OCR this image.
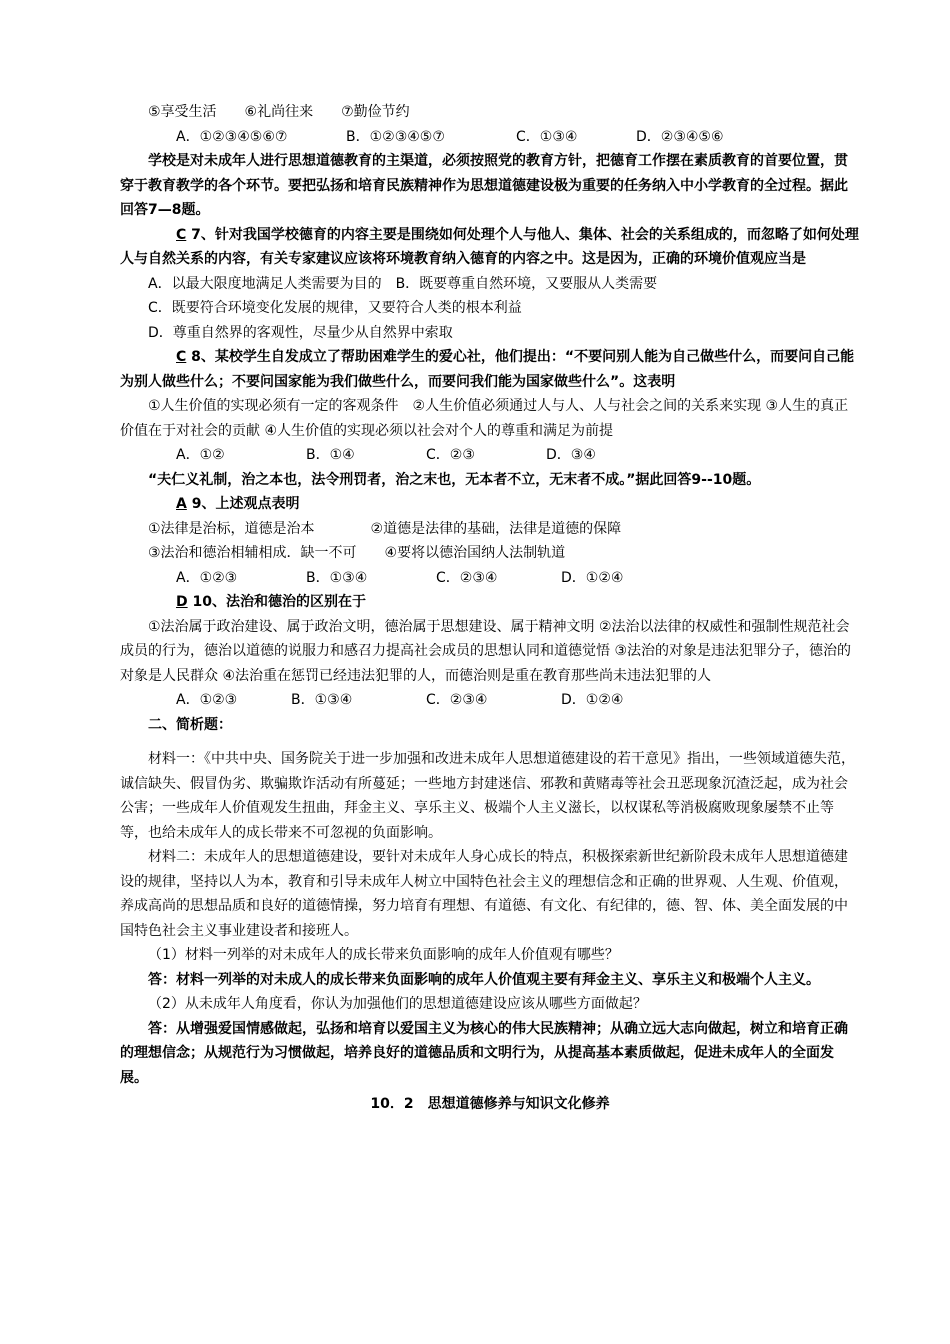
⑤享受生活　　⑥礼尚往来　　⑦勤俭节约

A．①②③④⑤⑥⑦	B．①②③④⑤⑦	C．①③④	D．②③④⑤⑥

学校是对未成年人进行思想道德教育的主渠道，必须按照党的教育方针，把德育工作摆在素质教育的首要位置，贯穿于教育教学的各个环节。要把弘扬和培育民族精神作为思想道德建设极为重要的任务纳入中小学教育的全过程。据此回答7—8题。

C 7、针对我国学校德育的内容主要是围绕如何处理个人与他人、集体、社会的关系组成的，而忽略了如何处理人与自然关系的内容，有关专家建议应该将环境教育纳入德育的内容之中。这是因为，正确的环境价值观应当是

A．以最大限度地满足人类需要为目的　B．既要尊重自然环境，又要服从人类需要

C．既要符合环境变化发展的规律，又要符合人类的根本利益

D．尊重自然界的客观性，尽量少从自然界中索取

C 8、某校学生自发成立了帮助困难学生的爱心社，他们提出：“不要问别人能为自己做些什么，而要问自己能为别人做些什么；不要问国家能为我们做些什么，而要问我们能为国家做些什么”。这表明

①人生价值的实现必须有一定的客观条件　②人生价值必须通过人与人、人与社会之间的关系来实现 ③人生的真正价值在于对社会的贡献 ④人生价值的实现必须以社会对个人的尊重和满足为前提

A．①②	B．①④	C．②③	D．③④

“夫仁义礼制，治之本也，法令刑罚者，治之末也，无本者不立，无末者不成。”据此回答9--10题。

A 9、上述观点表明

①法律是治标，道德是治本　　　　②道德是法律的基础，法律是道德的保障

③法治和德治相辅相成．缺一不可　　④要将以德治国纳人法制轨道

A．①②③	B．①③④	C．②③④	D．①②④

D 10、法治和德治的区别在于

①法治属于政治建设、属于政治文明，德治属于思想建设、属于精神文明 ②法治以法律的权威性和强制性规范社会成员的行为，德治以道德的说服力和感召力提高社会成员的思想认同和道德觉悟 ③法治的对象是违法犯罪分子，德治的对象是人民群众 ④法治重在惩罚已经违法犯罪的人，而德治则是重在教育那些尚未违法犯罪的人

A．①②③	B．①③④	C．②③④	D．①②④

二、简析题：

材料一：《中共中央、国务院关于进一步加强和改进未成年人思想道德建设的若干意见》指出，一些领域道德失范，诚信缺失、假冒伪劣、欺骗欺诈活动有所蔓延；一些地方封建迷信、邪教和黄赌毒等社会丑恶现象沉渣泛起，成为社会公害；一些成年人价值观发生扭曲，拜金主义、享乐主义、极端个人主义滋长，以权谋私等消极腐败现象屡禁不止等等，也给未成年人的成长带来不可忽视的负面影响。

材料二：未成年人的思想道德建设，要针对未成年人身心成长的特点，积极探索新世纪新阶段未成年人思想道德建设的规律，坚持以人为本，教育和引导未成年人树立中国特色社会主义的理想信念和正确的世界观、人生观、价值观，养成高尚的思想品质和良好的道德情操，努力培育有理想、有道德、有文化、有纪律的，德、智、体、美全面发展的中国特色社会主义事业建设者和接班人。

（1）材料一列举的对未成年人的成长带来负面影响的成年人价值观有哪些？

答：材料一列举的对未成人的成长带来负面影响的成年人价值观主要有拜金主义、享乐主义和极端个人主义。

（2）从未成年人角度看，你认为加强他们的思想道德建设应该从哪些方面做起？

答：从增强爱国情感做起，弘扬和培育以爱国主义为核心的伟大民族精神；从确立远大志向做起，树立和培育正确的理想信念；从规范行为习惯做起，培养良好的道德品质和文明行为，从提高基本素质做起，促进未成年人的全面发展。

10．2　思想道德修养与知识文化修养
